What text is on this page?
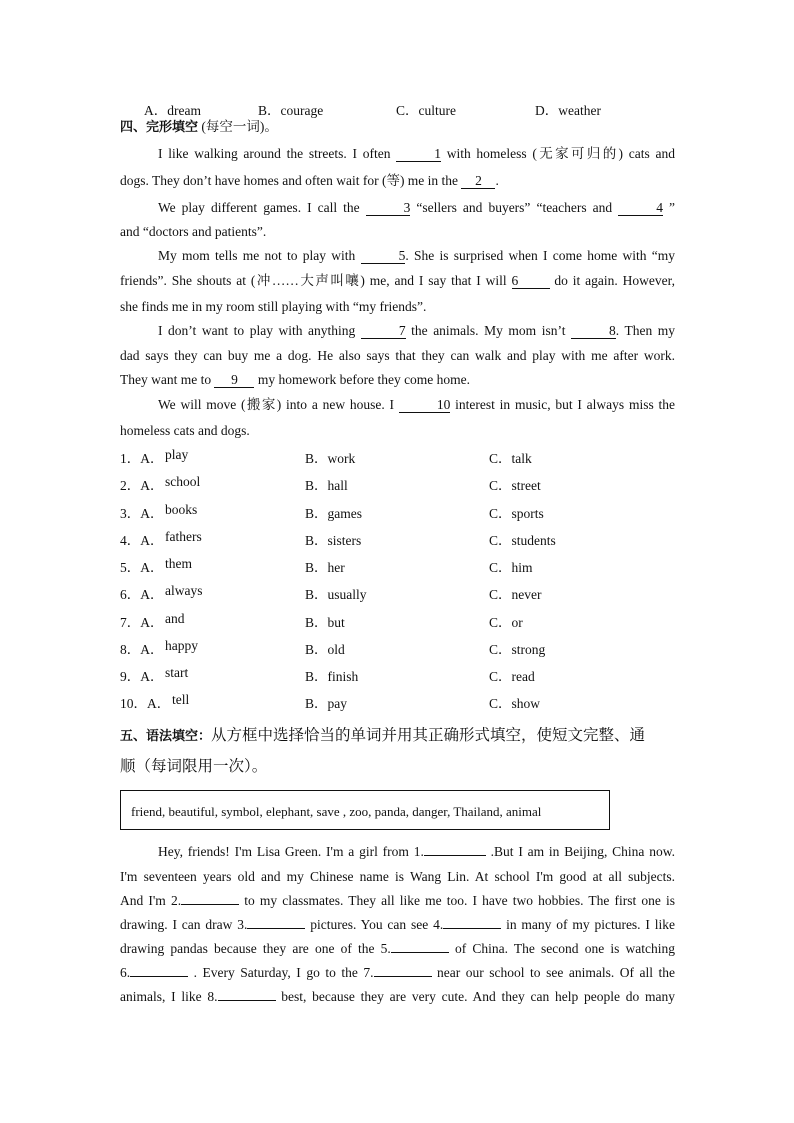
A．dream	B．courage	C．culture	D．weather
四、完形填空 (每空一词)。
I like walking around the streets. I often	1 with homeless (无家可归的) cats and
dogs. They don’t have homes and often wait for (等) me in the 2 .
We play different games. I call the	3 “sellers and buyers” “teachers and	4 ”
and “doctors and patients”.
My mom tells me not to play with	5. She is surprised when I come home with “my
friends”. She shouts at (冲……大声叫嚷) me, and I say that I will 6 do it again. However,
she finds me in my room still playing with “my friends”.
I don’t want to play with anything	7 the animals. My mom isn’t	8. Then my
dad says they can buy me a dog. He also says that they can walk and play with me after work.
They want me to 9 my homework before they come home.
We will move (搬家) into a new house. I	10 interest in music, but I always miss the
homeless cats and dogs.
1．A． play	B．work	C．talk
2．A． school	B．hall	C．street
3．A． books	B．games	C．sports
4．A． fathers	B．sisters	C．students
5．A． them	B．her	C．him
6．A． always	B．usually	C．never
7．A． and	B．but	C．or
8．A． happy	B．old	C．strong
9．A． start	B．finish	C．read
10．A． tell	B．pay	C．show
五、语法填空：从方框中选择恰当的单词并用其正确形式填空，使短文完整、通
顺（每词限用一次）。
friend, beautiful, symbol, elephant, save , zoo, panda, danger, Thailand, animal
Hey, friends! I'm Lisa Green. I'm a girl from 1.	.But I am in Beijing, China now.
I'm seventeen years old and my Chinese name is Wang Lin. At school I'm good at all subjects.
And I'm 2.	to my classmates. They all like me too. I have two hobbies. The first one is
drawing. I can draw 3.	pictures. You can see 4.	in many of my pictures. I like
drawing pandas because they are one of the 5.	of China. The second one is watching
6.	. Every Saturday, I go to the 7.	near our school to see animals. Of all the
animals, I like 8.	best, because they are very cute. And they can help people do many
